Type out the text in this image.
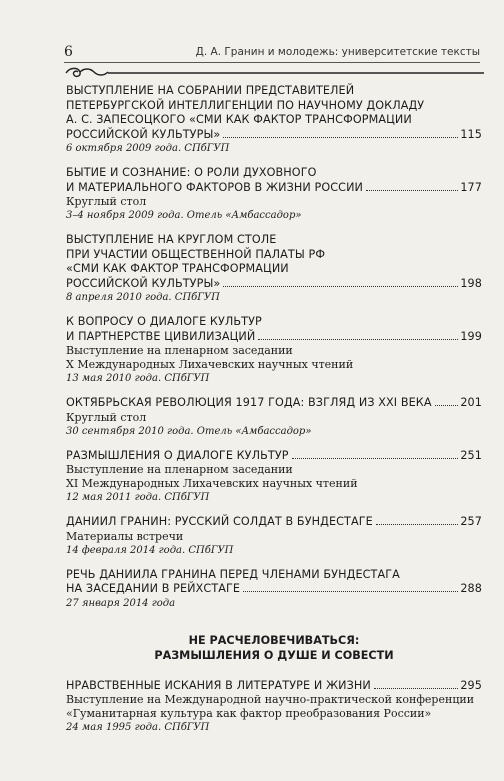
6	Д. А. Гранин и молодежь: университетские тексты
ВЫСТУПЛЕНИЕ НА СОБРАНИИ ПРЕДСТАВИТЕЛЕЙ
ПЕТЕРБУРГСКОЙ ИНТЕЛЛИГЕНЦИИ ПО НАУЧНОМУ ДОКЛАДУ
А. С. ЗАПЕСОЦКОГО «СМИ КАК ФАКТОР ТРАНСФОРМАЦИИ
РОССИЙСКОЙ КУЛЬТУРЫ»	115
6 октября 2009 года. СПбГУП
БЫТИЕ И СОЗНАНИЕ: О РОЛИ ДУХОВНОГО
И МАТЕРИАЛЬНОГО ФАКТОРОВ В ЖИЗНИ РОССИИ	177
Круглый стол
3–4 ноября 2009 года. Отель «Амбассадор»
ВЫСТУПЛЕНИЕ НА КРУГЛОМ СТОЛЕ
ПРИ УЧАСТИИ ОБЩЕСТВЕННОЙ ПАЛАТЫ РФ
«СМИ КАК ФАКТОР ТРАНСФОРМАЦИИ
РОССИЙСКОЙ КУЛЬТУРЫ»	198
8 апреля 2010 года. СПбГУП
К ВОПРОСУ О ДИАЛОГЕ КУЛЬТУР
И ПАРТНЕРСТВЕ ЦИВИЛИЗАЦИЙ	199
Выступление на пленарном заседании
X Международных Лихачевских научных чтений
13 мая 2010 года. СПбГУП
ОКТЯБРЬСКАЯ РЕВОЛЮЦИЯ 1917 ГОДА: ВЗГЛЯД ИЗ XXI ВЕКА	201
Круглый стол
30 сентября 2010 года. Отель «Амбассадор»
РАЗМЫШЛЕНИЯ О ДИАЛОГЕ КУЛЬТУР	251
Выступление на пленарном заседании
XI Международных Лихачевских научных чтений
12 мая 2011 года. СПбГУП
ДАНИИЛ ГРАНИН: РУССКИЙ СОЛДАТ В БУНДЕСТАГЕ	257
Материалы встречи
14 февраля 2014 года. СПбГУП
РЕЧЬ ДАНИИЛА ГРАНИНА ПЕРЕД ЧЛЕНАМИ БУНДЕСТАГА
НА ЗАСЕДАНИИ В РЕЙХСТАГЕ	288
27 января 2014 года
НЕ РАСЧЕЛОВЕЧИВАТЬСЯ:
РАЗМЫШЛЕНИЯ О ДУШЕ И СОВЕСТИ
НРАВСТВЕННЫЕ ИСКАНИЯ В ЛИТЕРАТУРЕ И ЖИЗНИ	295
Выступление на Международной научно-практической конференции
«Гуманитарная культура как фактор преобразования России»
24 мая 1995 года. СПбГУП
